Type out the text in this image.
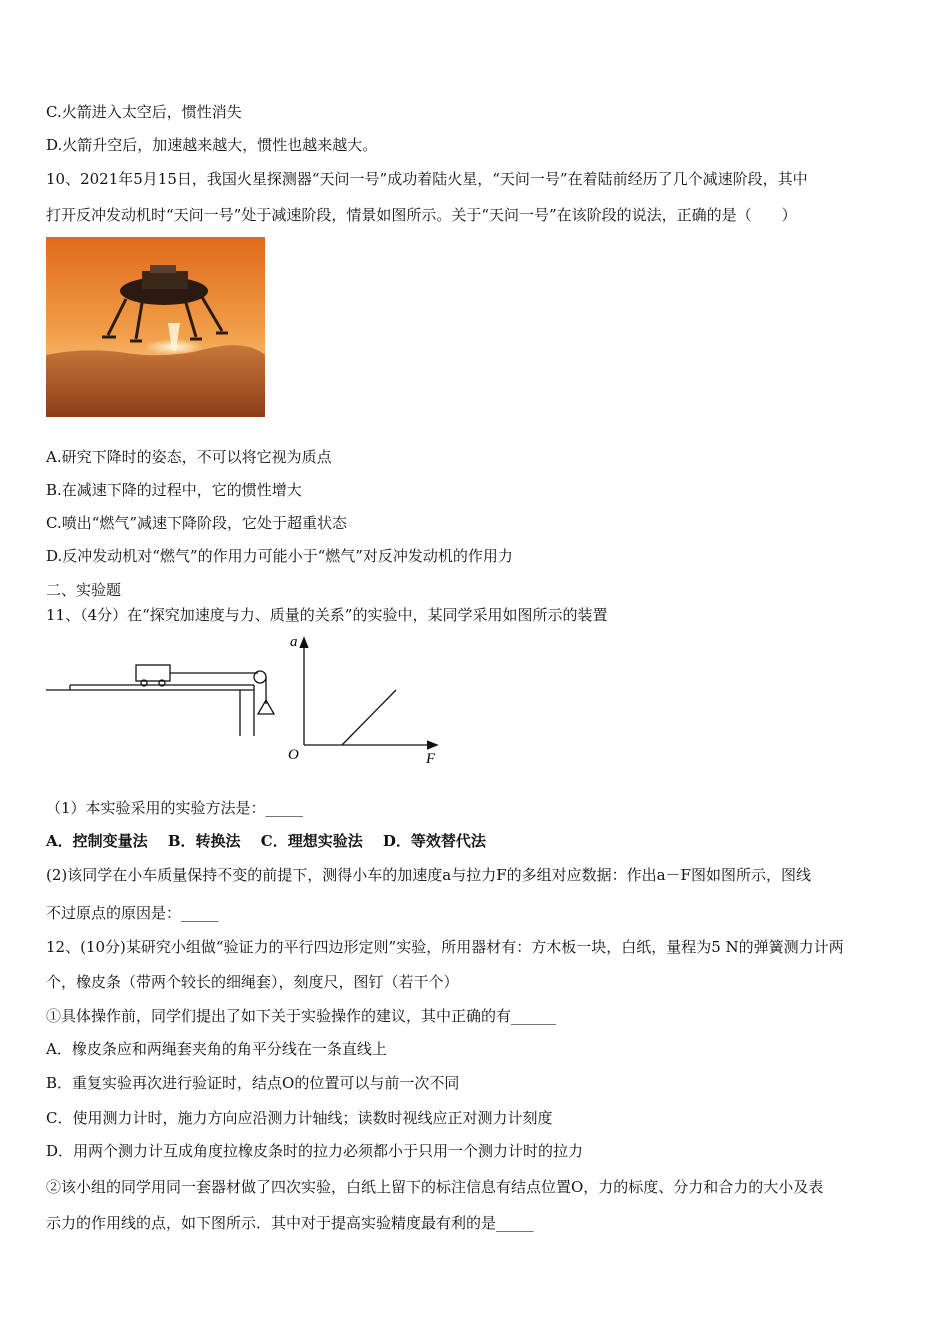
C.火箭进入太空后，惯性消失
D.火箭升空后，加速越来越大，惯性也越来越大。
10、2021年5月15日，我国火星探测器“天问一号”成功着陆火星，“天问一号”在着陆前经历了几个减速阶段，其中
打开反冲发动机时“天问一号”处于减速阶段，情景如图所示。关于“天问一号”在该阶段的说法，正确的是（　　）
A.研究下降时的姿态，不可以将它视为质点
B.在减速下降的过程中，它的惯性增大
C.喷出“燃气”减速下降阶段，它处于超重状态
D.反冲发动机对“燃气”的作用力可能小于“燃气”对反冲发动机的作用力
二、实验题
11、（4分）在“探究加速度与力、质量的关系”的实验中，某同学采用如图所示的装置
a
F
O
（1）本实验采用的实验方法是：_____
A．控制变量法　 B．转换法　 C．理想实验法　 D．等效替代法
(2)该同学在小车质量保持不变的前提下，测得小车的加速度a与拉力F的多组对应数据：作出a－F图如图所示，图线
不过原点的原因是：_____
12、(10分)某研究小组做“验证力的平行四边形定则”实验，所用器材有：方木板一块，白纸，量程为5 N的弹簧测力计两
个，橡皮条（带两个较长的细绳套），刻度尺，图钉（若干个）
①具体操作前，同学们提出了如下关于实验操作的建议，其中正确的有______
A．橡皮条应和两绳套夹角的角平分线在一条直线上
B．重复实验再次进行验证时，结点O的位置可以与前一次不同
C．使用测力计时，施力方向应沿测力计轴线；读数时视线应正对测力计刻度
D．用两个测力计互成角度拉橡皮条时的拉力必须都小于只用一个测力计时的拉力
②该小组的同学用同一套器材做了四次实验，白纸上留下的标注信息有结点位置O，力的标度、分力和合力的大小及表
示力的作用线的点，如下图所示．其中对于提高实验精度最有利的是_____
